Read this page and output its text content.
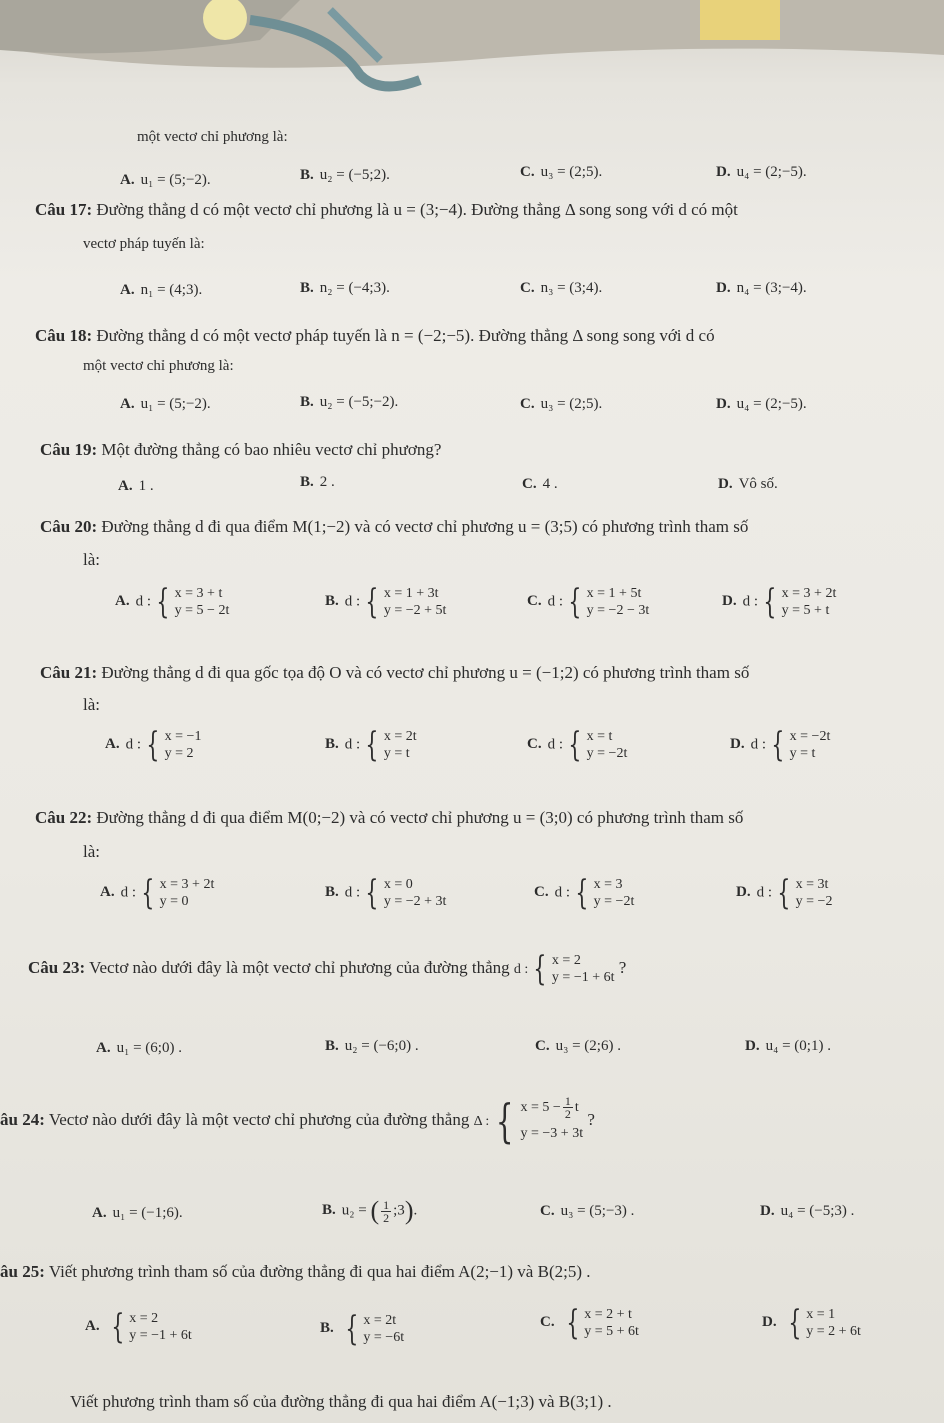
một vectơ chỉ phương là:
A. u₁ = (5;−2).	B. u₂ = (−5;2).	C. u₃ = (2;5).	D. u₄ = (2;−5).
Câu 17: Đường thẳng d có một vectơ chỉ phương là u = (3;−4). Đường thẳng Δ song song với d có một
vectơ pháp tuyến là:
A. n₁ = (4;3).	B. n₂ = (−4;3).	C. n₃ = (3;4).	D. n₄ = (3;−4).
Câu 18: Đường thẳng d có một vectơ pháp tuyến là n = (−2;−5). Đường thẳng Δ song song với d có
một vectơ chỉ phương là:
A. u₁ = (5;−2).	B. u₂ = (−5;−2).	C. u₃ = (2;5).	D. u₄ = (2;−5).
Câu 19: Một đường thẳng có bao nhiêu vectơ chỉ phương?
A. 1 .	B. 2 .	C. 4 .	D. Vô số.
Câu 20: Đường thẳng d đi qua điểm M(1;−2) và có vectơ chỉ phương u = (3;5) có phương trình tham số
là:
A. d : { x = 3 + t
y = 5 − 2t
B. d : { x = 1 + 3t
y = −2 + 5t
C. d : { x = 1 + 5t
y = −2 − 3t
D. d : { x = 3 + 2t
y = 5 + t
Câu 21: Đường thẳng d đi qua gốc tọa độ O và có vectơ chỉ phương u = (−1;2) có phương trình tham số
là:
A. d : { x = −1
y = 2
B. d : { x = 2t
y = t
C. d : { x = t
y = −2t
D. d : { x = −2t
y = t
Câu 22: Đường thẳng d đi qua điểm M(0;−2) và có vectơ chỉ phương u = (3;0) có phương trình tham số
là:
A. d : { x = 3 + 2t
y = 0
B. d : { x = 0
y = −2 + 3t
C. d : { x = 3
y = −2t
D. d : { x = 3t
y = −2
Câu 23: Vectơ nào dưới đây là một vectơ chỉ phương của đường thẳng d : { x = 2
y = −1 + 6t
?
A. u₁ = (6;0) .	B. u₂ = (−6;0) .	C. u₃ = (2;6) .	D. u₄ = (0;1) .
âu 24: Vectơ nào dưới đây là một vectơ chỉ phương của đường thẳng Δ : { $x = 5 - \frac{1}{2}$ t
y = −3 + 3t
?
A. u₁ = (−1;6).	B. u₂ = ( $\frac{1}{2}$ ;3).	C. u₃ = (5;−3) .	D. u₄ = (−5;3) .
âu 25: Viết phương trình tham số của đường thẳng đi qua hai điểm A(2;−1) và B(2;5) .
A. { x = 2
y = −1 + 6t	B. { x = 2t
y = −6t
C. { x = 2 + t
y = 5 + 6t
D. { x = 1
y = 2 + 6t
Viết phương trình tham số của đường thẳng đi qua hai điểm A(−1;3) và B(3;1) .
